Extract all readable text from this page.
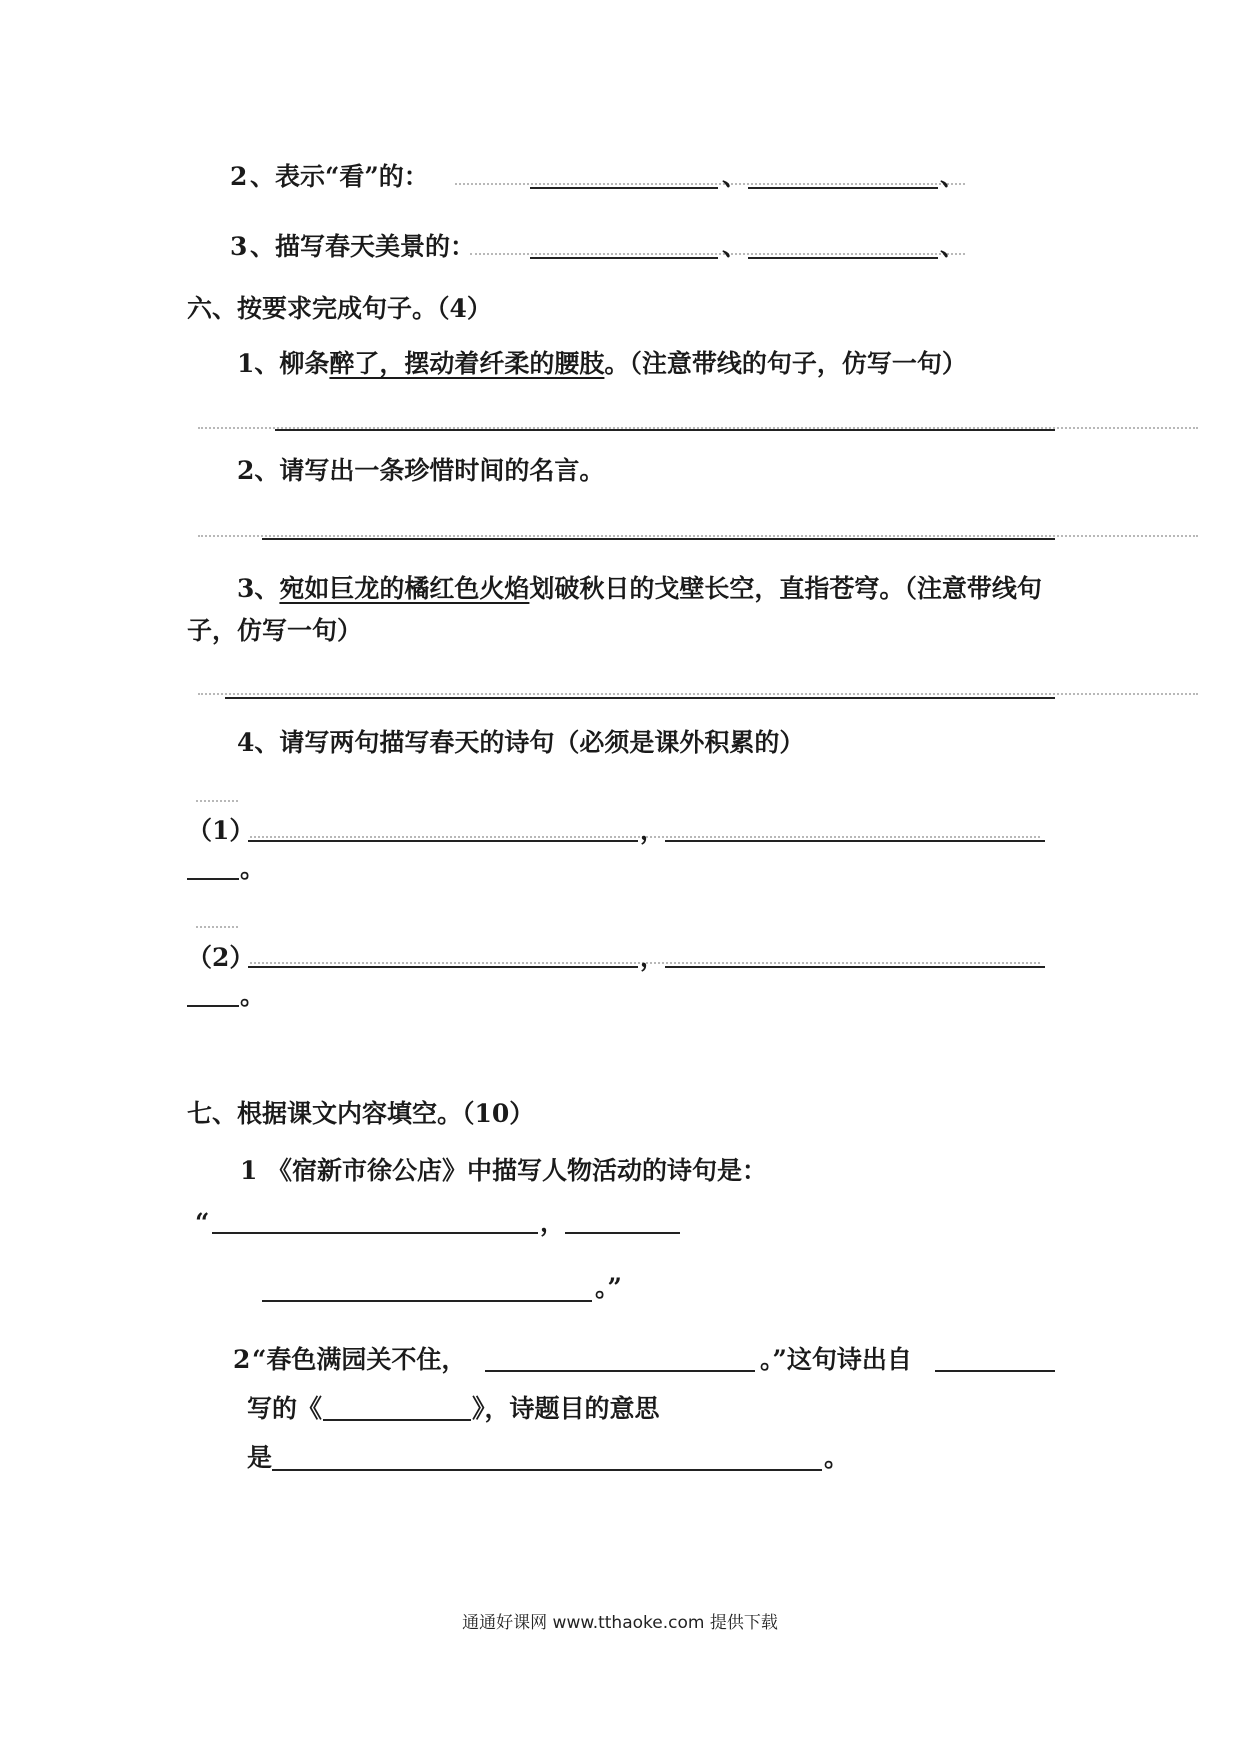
2 、表示“看”的：	、	、
3 、描写春天美景的：	、	、
六、按要求完成句子。（4）
1、柳条醉了，摆动着纤柔的腰肢。（注意带线的句子，仿写一句）
2、请写出一条珍惜时间的名言。
3、宛如巨龙的橘红色火焰划破秋日的戈壁长空，直指苍穹。（注意带线句
子，仿写一句）
4、请写两句描写春天的诗句（必须是课外积累的）
（1）	，
。
（2）	，
。
七、根据课文内容填空。（10）
1 《宿新市徐公店》中描写人物活动的诗句是：
“	，
。”
2 “春色满园关不住，	。”这句诗出自
写的《	》，诗题目的意思
是	。
通通好课网 www.tthaoke.com 提供下载
